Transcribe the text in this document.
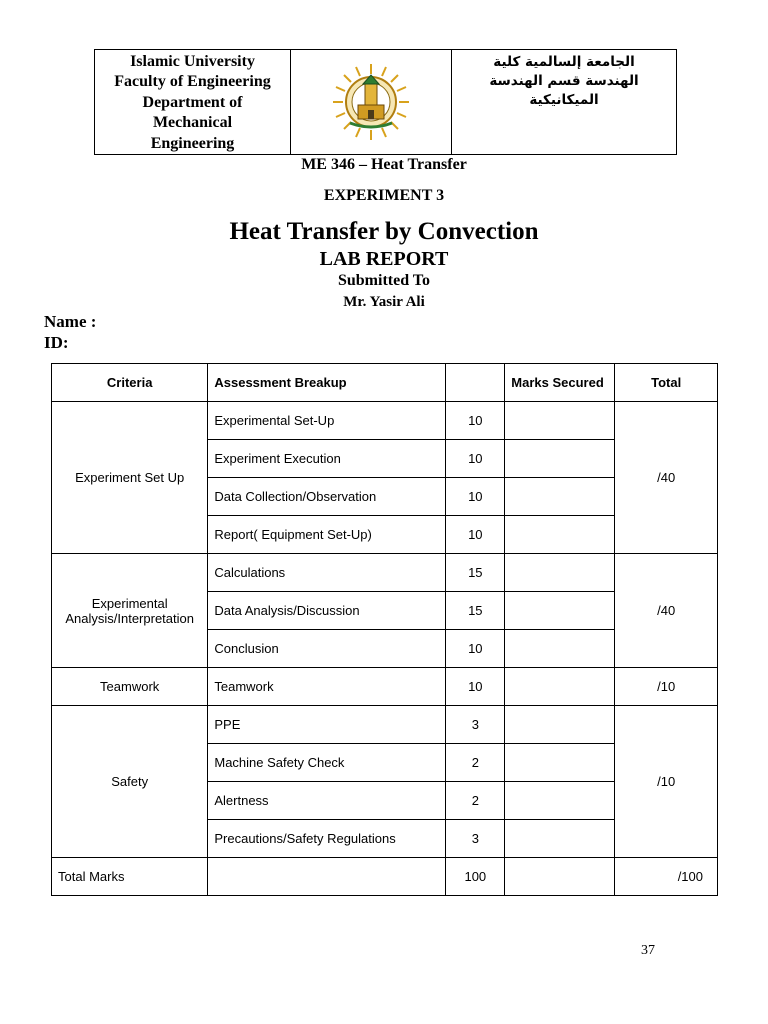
Islamic University
Faculty of Engineering
Department of
Mechanical
Engineering
الجامعة إلسالمية كلية
الهندسة قسم الهندسة
الميكانيكية
ME 346 – Heat Transfer
EXPERIMENT 3
Heat Transfer by Convection
LAB REPORT
Submitted To
Mr. Yasir Ali
Name :
ID:
Criteria	Assessment Breakup		Marks Secured	Total
Experiment Set Up	Experimental Set-Up	10		/40
	Experiment Execution	10		
	Data Collection/Observation	10		
	Report( Equipment Set-Up)	10		
Experimental Analysis/Interpretation	Calculations	15		/40
	Data Analysis/Discussion	15		
	Conclusion	10		
Teamwork	Teamwork	10		/10
Safety	PPE	3		/10
	Machine Safety Check	2		
	Alertness	2		
	Precautions/Safety Regulations	3		
Total Marks		100		/100
37
